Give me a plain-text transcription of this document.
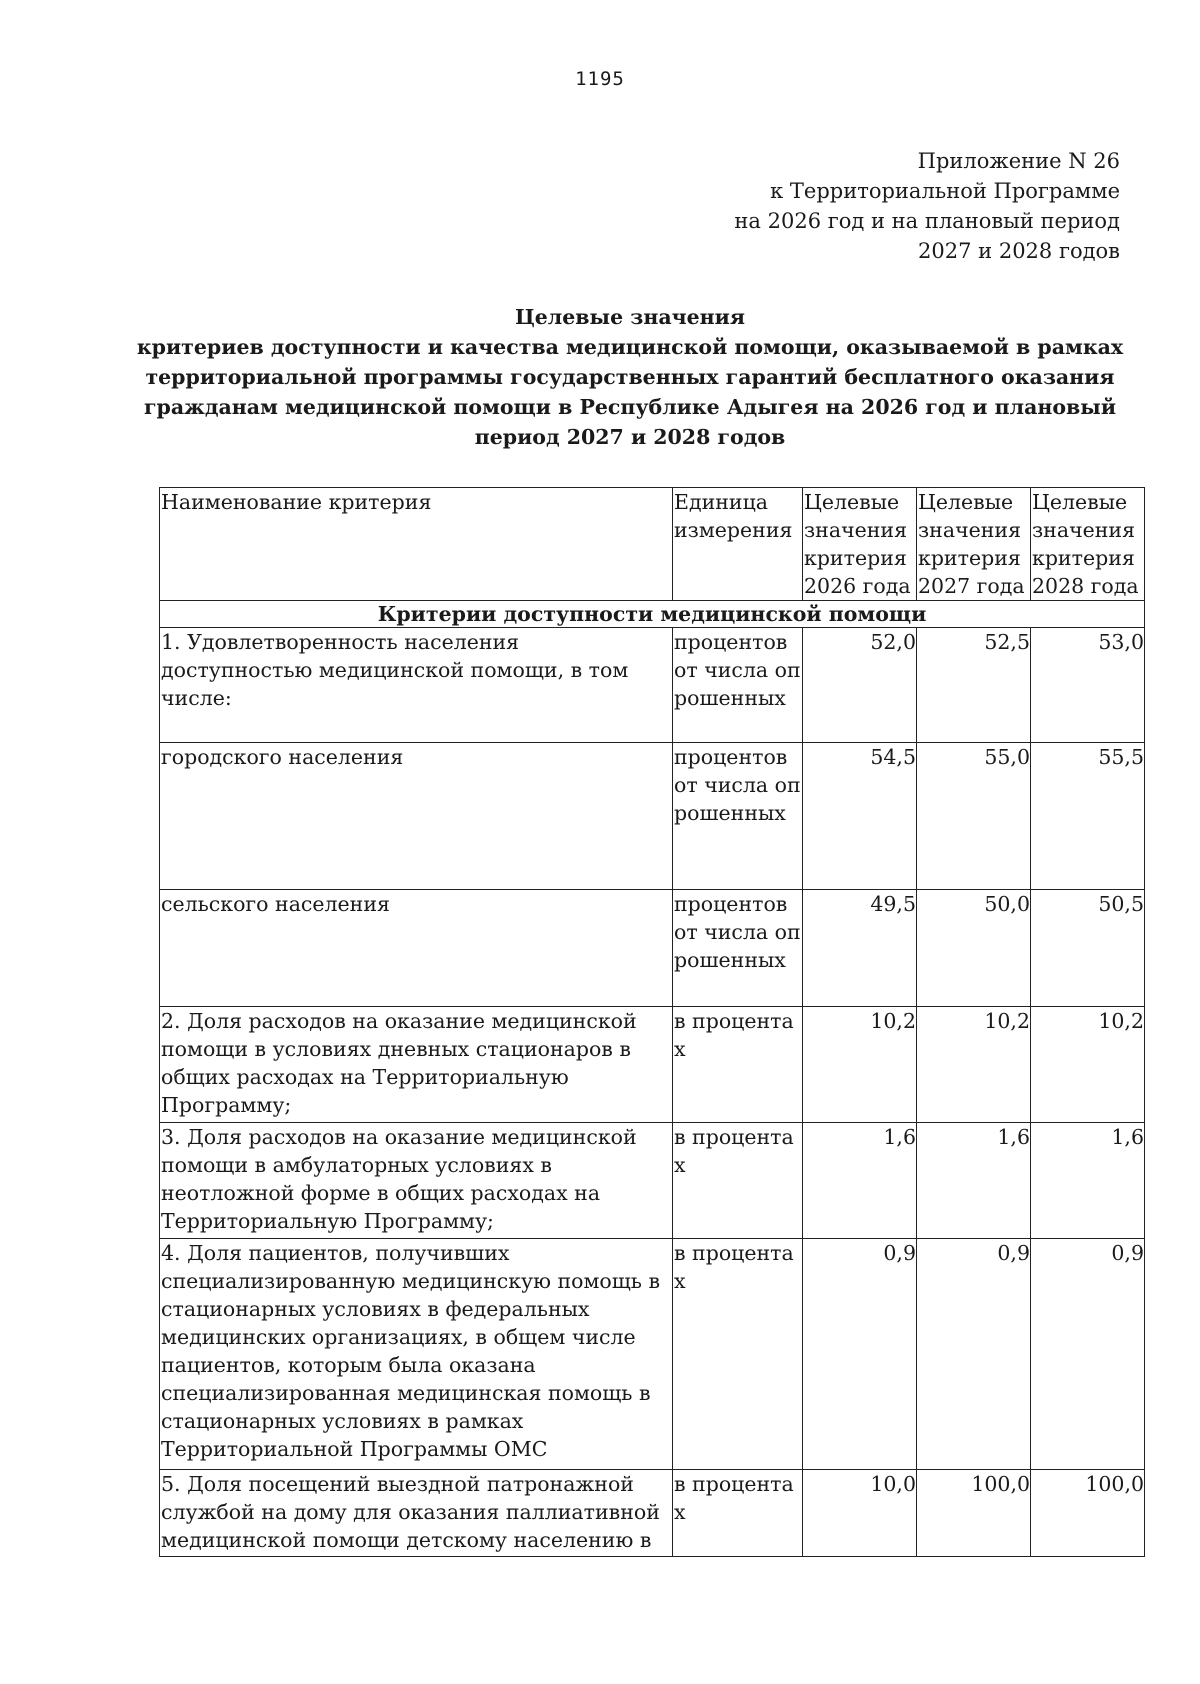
1195
Приложение N 26
к Территориальной Программе
на 2026 год и на плановый период
2027 и 2028 годов
Целевые значения
критериев доступности и качества медицинской помощи, оказываемой в рамках
территориальной программы государственных гарантий бесплатного оказания
гражданам медицинской помощи в Республике Адыгея на 2026 год и плановый
период 2027 и 2028 годов
Наименование критерия	Единица измерения	Целевые значения критерия 2026 года	Целевые значения критерия 2027 года	Целевые значения критерия 2028 года
Критерии доступности медицинской помощи				
1. Удовлетворенность населения доступностью медицинской помощи, в том числе:	процентов от числа опрошенных	52,0	52,5	53,0
городского населения	процентов от числа опрошенных	54,5	55,0	55,5
сельского населения	процентов от числа опрошенных	49,5	50,0	50,5
2. Доля расходов на оказание медицинской помощи в условиях дневных стационаров в общих расходах на Территориальную Программу;	в процентах	10,2	10,2	10,2
3. Доля расходов на оказание медицинской помощи в амбулаторных условиях в неотложной форме в общих расходах на Территориальную Программу;	в процентах	1,6	1,6	1,6
4. Доля пациентов, получивших специализированную медицинскую помощь в стационарных условиях в федеральных медицинских организациях, в общем числе пациентов, которым была оказана специализированная медицинская помощь в стационарных условиях в рамках Территориальной Программы ОМС	в процентах	0,9	0,9	0,9
5. Доля посещений выездной патронажной службой на дому для оказания паллиативной медицинской помощи детскому населению в	в процентах	10,0	100,0	100,0
